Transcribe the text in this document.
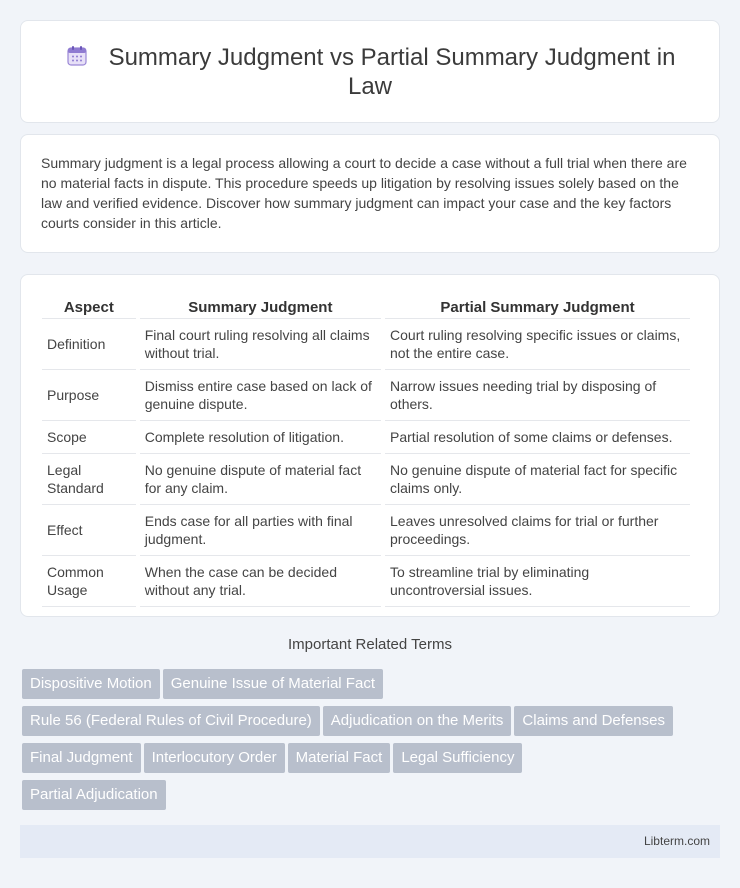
Summary Judgment vs Partial Summary Judgment in Law

Summary judgment is a legal process allowing a court to decide a case without a full trial when there are no material facts in dispute. This procedure speeds up litigation by resolving issues solely based on the law and verified evidence. Discover how summary judgment can impact your case and the key factors courts consider in this article.

Aspect	Summary Judgment	Partial Summary Judgment
Definition	Final court ruling resolving all claims without trial.	Court ruling resolving specific issues or claims, not the entire case.
Purpose	Dismiss entire case based on lack of genuine dispute.	Narrow issues needing trial by disposing of others.
Scope	Complete resolution of litigation.	Partial resolution of some claims or defenses.
Legal Standard	No genuine dispute of material fact for any claim.	No genuine dispute of material fact for specific claims only.
Effect	Ends case for all parties with final judgment.	Leaves unresolved claims for trial or further proceedings.
Common Usage	When the case can be decided without any trial.	To streamline trial by eliminating uncontroversial issues.
Important Related Terms
Dispositive Motion Genuine Issue of Material Fact
Rule 56 (Federal Rules of Civil Procedure) Adjudication on the Merits Claims and Defenses
Final Judgment Interlocutory Order Material Fact Legal Sufficiency
Partial Adjudication
Libterm.com
